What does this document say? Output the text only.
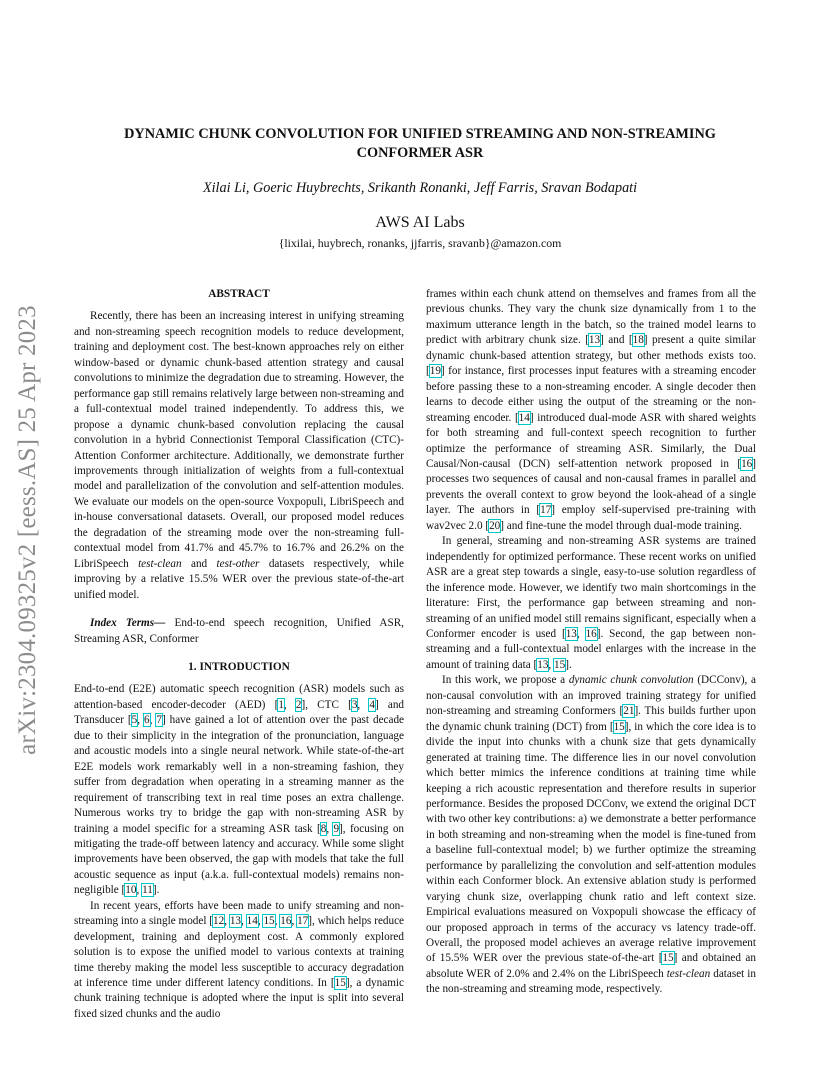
arXiv:2304.09325v2 [eess.AS] 25 Apr 2023
DYNAMIC CHUNK CONVOLUTION FOR UNIFIED STREAMING AND NON-STREAMING
CONFORMER ASR

Xilai Li, Goeric Huybrechts, Srikanth Ronanki, Jeff Farris, Sravan Bodapati

AWS AI Labs

{lixilai, huybrech, ronanks, jjfarris, sravanb}@amazon.com

ABSTRACT

Recently, there has been an increasing interest in unifying streaming and non-streaming speech recognition models to reduce development, training and deployment cost. The best-known approaches rely on either window-based or dynamic chunk-based attention strategy and causal convolutions to minimize the degradation due to streaming. However, the performance gap still remains relatively large between non-streaming and a full-contextual model trained independently. To address this, we propose a dynamic chunk-based convolution replacing the causal convolution in a hybrid Connectionist Temporal Classification (CTC)-Attention Conformer architecture. Additionally, we demonstrate further improvements through initialization of weights from a full-contextual model and parallelization of the convolution and self-attention modules. We evaluate our models on the open-source Voxpopuli, LibriSpeech and in-house conversational datasets. Overall, our proposed model reduces the degradation of the streaming mode over the non-streaming full-contextual model from 41.7% and 45.7% to 16.7% and 26.2% on the LibriSpeech test-clean and test-other datasets respectively, while improving by a relative 15.5% WER over the previous state-of-the-art unified model.

Index Terms— End-to-end speech recognition, Unified ASR, Streaming ASR, Conformer

1. INTRODUCTION

End-to-end (E2E) automatic speech recognition (ASR) models such as attention-based encoder-decoder (AED) [1, 2], CTC [3, 4] and Transducer [5, 6, 7] have gained a lot of attention over the past decade due to their simplicity in the integration of the pronunciation, language and acoustic models into a single neural network. While state-of-the-art E2E models work remarkably well in a non-streaming fashion, they suffer from degradation when operating in a streaming manner as the requirement of transcribing text in real time poses an extra challenge. Numerous works try to bridge the gap with non-streaming ASR by training a model specific for a streaming ASR task [8, 9], focusing on mitigating the trade-off between latency and accuracy. While some slight improvements have been observed, the gap with models that take the full acoustic sequence as input (a.k.a. full-contextual models) remains non-negligible [10, 11].

In recent years, efforts have been made to unify streaming and non-streaming into a single model [12, 13, 14, 15, 16, 17], which helps reduce development, training and deployment cost. A commonly explored solution is to expose the unified model to various contexts at training time thereby making the model less susceptible to accuracy degradation at inference time under different latency conditions. In [15], a dynamic chunk training technique is adopted where the input is split into several fixed sized chunks and the audio

frames within each chunk attend on themselves and frames from all the previous chunks. They vary the chunk size dynamically from 1 to the maximum utterance length in the batch, so the trained model learns to predict with arbitrary chunk size. [13] and [18] present a quite similar dynamic chunk-based attention strategy, but other methods exists too. [19] for instance, first processes input features with a streaming encoder before passing these to a non-streaming encoder. A single decoder then learns to decode either using the output of the streaming or the non-streaming encoder. [14] introduced dual-mode ASR with shared weights for both streaming and full-context speech recognition to further optimize the performance of streaming ASR. Similarly, the Dual Causal/Non-causal (DCN) self-attention network proposed in [16] processes two sequences of causal and non-causal frames in parallel and prevents the overall context to grow beyond the look-ahead of a single layer. The authors in [17] employ self-supervised pre-training with wav2vec 2.0 [20] and fine-tune the model through dual-mode training.

In general, streaming and non-streaming ASR systems are trained independently for optimized performance. These recent works on unified ASR are a great step towards a single, easy-to-use solution regardless of the inference mode. However, we identify two main shortcomings in the literature: First, the performance gap between streaming and non-streaming of an unified model still remains significant, especially when a Conformer encoder is used [13, 16]. Second, the gap between non-streaming and a full-contextual model enlarges with the increase in the amount of training data [13, 15].

In this work, we propose a dynamic chunk convolution (DCConv), a non-causal convolution with an improved training strategy for unified non-streaming and streaming Conformers [21]. This builds further upon the dynamic chunk training (DCT) from [15], in which the core idea is to divide the input into chunks with a chunk size that gets dynamically generated at training time. The difference lies in our novel convolution which better mimics the inference conditions at training time while keeping a rich acoustic representation and therefore results in superior performance. Besides the proposed DCConv, we extend the original DCT with two other key contributions: a) we demonstrate a better performance in both streaming and non-streaming when the model is fine-tuned from a baseline full-contextual model; b) we further optimize the streaming performance by parallelizing the convolution and self-attention modules within each Conformer block. An extensive ablation study is performed varying chunk size, overlapping chunk ratio and left context size. Empirical evaluations measured on Voxpopuli showcase the efficacy of our proposed approach in terms of the accuracy vs latency trade-off. Overall, the proposed model achieves an average relative improvement of 15.5% WER over the previous state-of-the-art [15] and obtained an absolute WER of 2.0% and 2.4% on the LibriSpeech test-clean dataset in the non-streaming and streaming mode, respectively.
